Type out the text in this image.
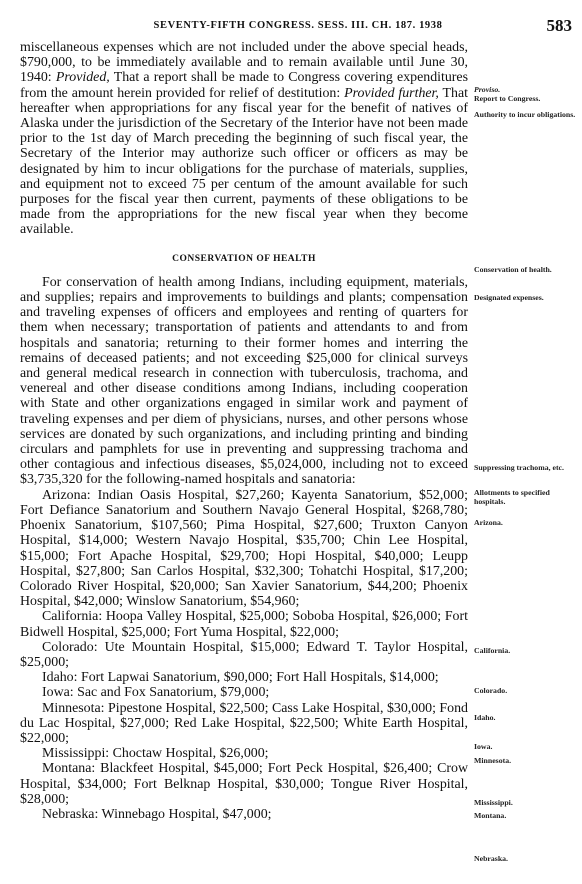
SEVENTY-FIFTH CONGRESS. SESS. III. CH. 187. 1938	583

miscellaneous expenses which are not included under the above special heads, $790,000, to be immediately available and to remain available until June 30, 1940: Provided, That a report shall be made to Congress covering expenditures from the amount herein provided for relief of destitution: Provided further, That hereafter when appropriations for any fiscal year for the benefit of natives of Alaska under the jurisdiction of the Secretary of the Interior have not been made prior to the 1st day of March preceding the beginning of such fiscal year, the Secretary of the Interior may authorize such officer or officers as may be designated by him to incur obligations for the purchase of materials, supplies, and equipment not to exceed 75 per centum of the amount available for such purposes for the fiscal year then current, payments of these obligations to be made from the appropriations for the new fiscal year when they become available.

CONSERVATION OF HEALTH

For conservation of health among Indians, including equipment, materials, and supplies; repairs and improvements to buildings and plants; compensation and traveling expenses of officers and employees and renting of quarters for them when necessary; transportation of patients and attendants to and from hospitals and sanatoria; returning to their former homes and interring the remains of deceased patients; and not exceeding $25,000 for clinical surveys and general medical research in connection with tuberculosis, trachoma, and venereal and other disease conditions among Indians, including cooperation with State and other organizations engaged in similar work and payment of traveling expenses and per diem of physicians, nurses, and other persons whose services are donated by such organizations, and including printing and binding circulars and pamphlets for use in preventing and suppressing trachoma and other contagious and infectious diseases, $5,024,000, including not to exceed $3,735,320 for the following-named hospitals and sanatoria:

Arizona: Indian Oasis Hospital, $27,260; Kayenta Sanatorium, $52,000; Fort Defiance Sanatorium and Southern Navajo General Hospital, $268,780; Phoenix Sanatorium, $107,560; Pima Hospital, $27,600; Truxton Canyon Hospital, $14,000; Western Navajo Hospital, $35,700; Chin Lee Hospital, $15,000; Fort Apache Hospital, $29,700; Hopi Hospital, $40,000; Leupp Hospital, $27,800; San Carlos Hospital, $32,300; Tohatchi Hospital, $17,200; Colorado River Hospital, $20,000; San Xavier Sanatorium, $44,200; Phoenix Hospital, $42,000; Winslow Sanatorium, $54,960;

California: Hoopa Valley Hospital, $25,000; Soboba Hospital, $26,000; Fort Bidwell Hospital, $25,000; Fort Yuma Hospital, $22,000;

Colorado: Ute Mountain Hospital, $15,000; Edward T. Taylor Hospital, $25,000;

Idaho: Fort Lapwai Sanatorium, $90,000; Fort Hall Hospitals, $14,000;

Iowa: Sac and Fox Sanatorium, $79,000;

Minnesota: Pipestone Hospital, $22,500; Cass Lake Hospital, $30,000; Fond du Lac Hospital, $27,000; Red Lake Hospital, $22,500; White Earth Hospital, $22,000;

Mississippi: Choctaw Hospital, $26,000;

Montana: Blackfeet Hospital, $45,000; Fort Peck Hospital, $26,400; Crow Hospital, $34,000; Fort Belknap Hospital, $30,000; Tongue River Hospital, $28,000;

Nebraska: Winnebago Hospital, $47,000;

Proviso.
Report to Congress.
Authority to incur obligations.
Conservation of health.
Designated expenses.
Suppressing trachoma, etc.
Allotments to specified hospitals.
Arizona.
California.
Colorado.
Idaho.
Iowa.
Minnesota.
Mississippi.
Montana.
Nebraska.
